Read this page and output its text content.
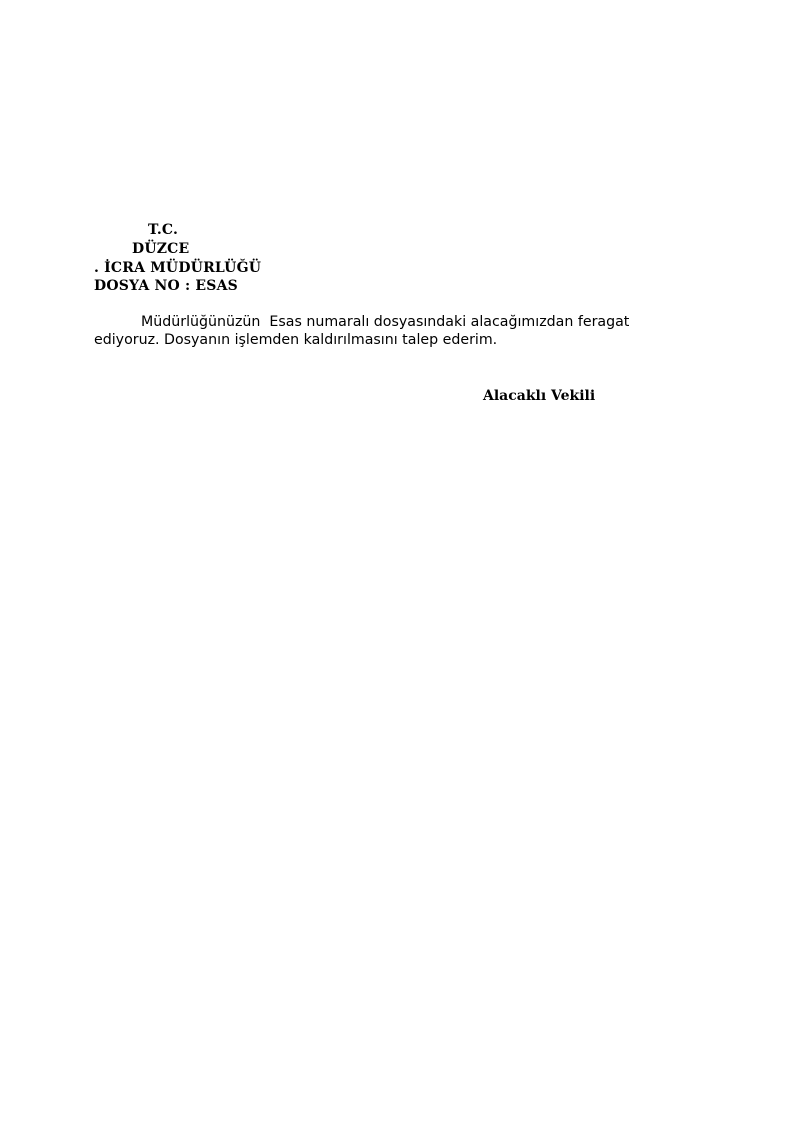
T.C.
DÜZCE
. İCRA MÜDÜRLÜĞÜ
DOSYA NO : ESAS
Müdürlüğünüzün  Esas numaralı dosyasındaki alacağımızdan feragat
ediyoruz. Dosyanın işlemden kaldırılmasını talep ederim.
Alacaklı Vekili
